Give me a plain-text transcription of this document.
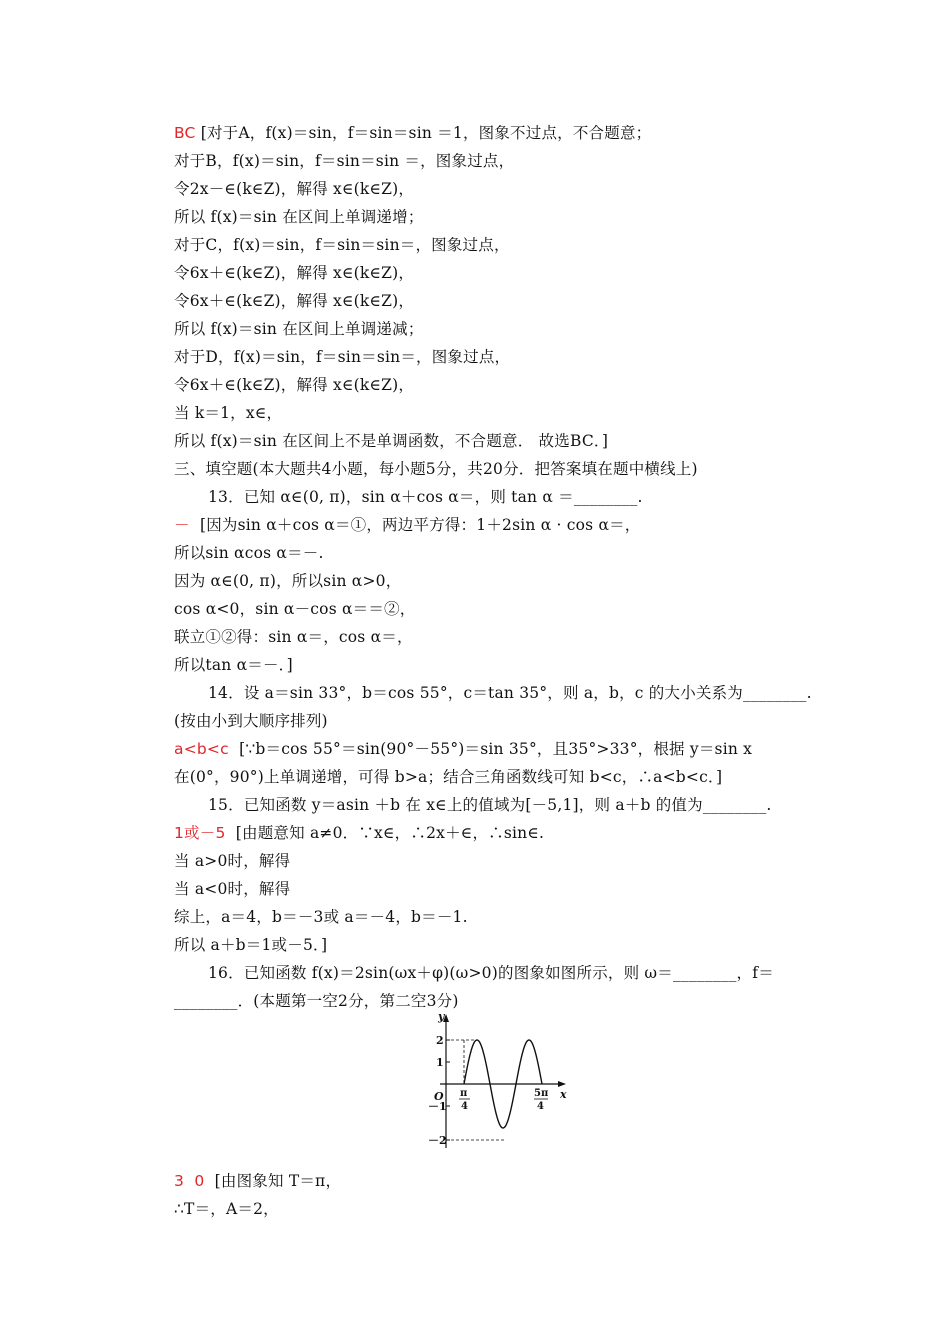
BC [对于A，f(x)＝sin，f＝sin＝sin ＝1，图象不过点，不合题意；
对于B，f(x)＝sin，f＝sin＝sin ＝，图象过点，
令2x－∈(k∈Z)，解得 x∈(k∈Z)，
所以 f(x)＝sin 在区间上单调递增；
对于C，f(x)＝sin，f＝sin＝sin＝，图象过点，
令6x＋∈(k∈Z)，解得 x∈(k∈Z)，
令6x＋∈(k∈Z)，解得 x∈(k∈Z)，
所以 f(x)＝sin 在区间上单调递减；
对于D，f(x)＝sin，f＝sin＝sin＝，图象过点，
令6x＋∈(k∈Z)，解得 x∈(k∈Z)，
当 k＝1，x∈，
所以 f(x)＝sin 在区间上不是单调函数，不合题意． 故选BC．]
三、填空题(本大题共4小题，每小题5分，共20分．把答案填在题中横线上)
13．已知 α∈(0, π)，sin α＋cos α＝，则 tan α ＝________.
－  [因为sin α＋cos α＝①，两边平方得：1＋2sin α · cos α＝，
所以sin αcos α＝－.
因为 α∈(0, π)，所以sin α>0，
cos α<0，sin α－cos α＝＝②，
联立①②得：sin α＝，cos α＝，
所以tan α＝－．]
14．设 a＝sin 33°，b＝cos 55°，c＝tan 35°，则 a，b，c 的大小关系为________.
(按由小到大顺序排列)
a<b<c  [∵b＝cos 55°＝sin(90°－55°)＝sin 35°，且35°>33°，根据 y＝sin x
在(0°，90°)上单调递增，可得 b>a；结合三角函数线可知 b<c，∴a<b<c．]
15．已知函数 y＝asin ＋b 在 x∈上的值域为[－5,1]，则 a＋b 的值为________.
1或－5  [由题意知 a≠0．∵x∈，∴2x＋∈，∴sin∈.
当 a>0时，解得
当 a<0时，解得
综上，a＝4，b＝－3或 a＝－4，b＝－1.
所以 a＋b＝1或－5．]
16．已知函数 f(x)＝2sin(ωx＋φ)(ω>0)的图象如图所示，则 ω＝________，f＝
________．(本题第一空2分，第二空3分)
3  0  [由图象知 T＝π，
∴T＝，A＝2，
y
x
O
2
1
－1
－2
π
4
5π
4
